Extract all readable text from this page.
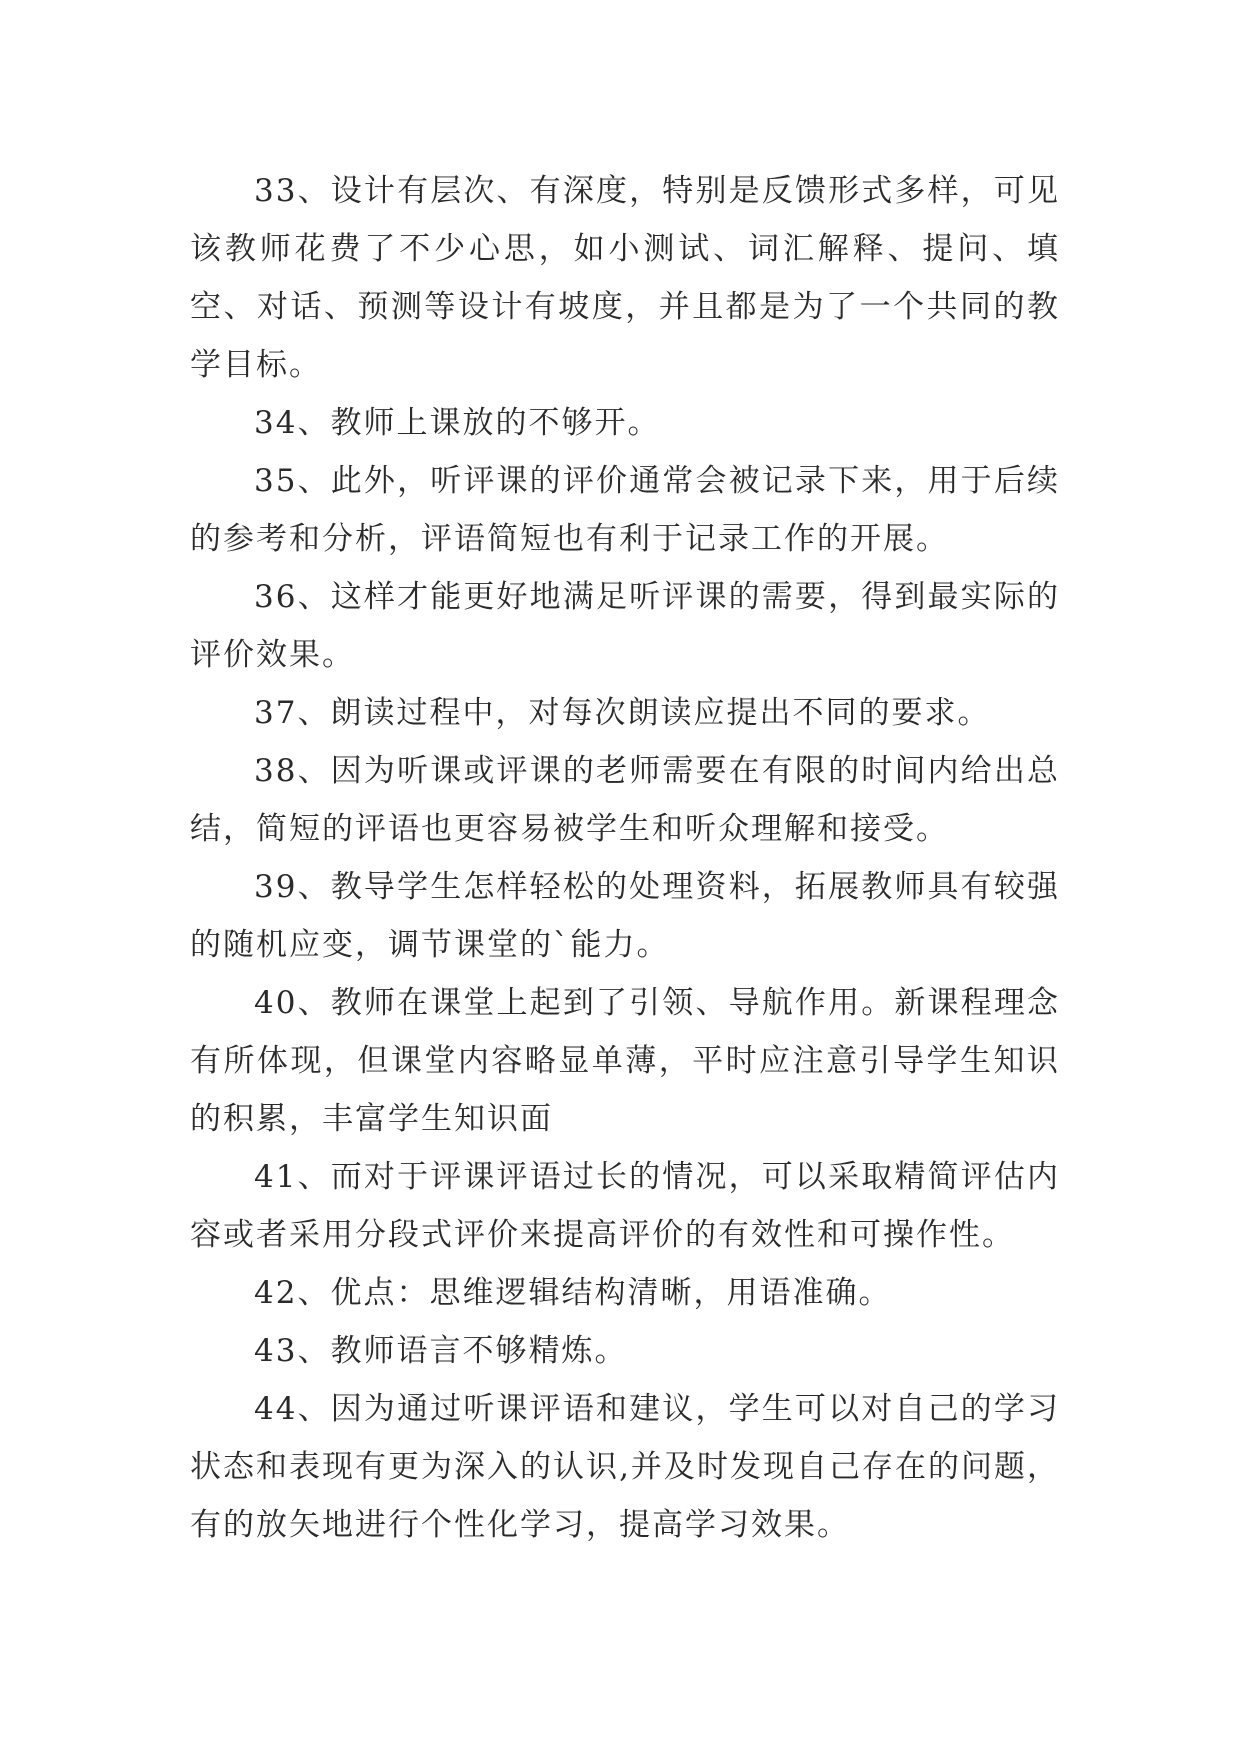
33、设计有层次、有深度，特别是反馈形式多样，可见该教师花费了不少心思，如小测试、词汇解释、提问、填空、对话、预测等设计有坡度，并且都是为了一个共同的教学目标。

34、教师上课放的不够开。

35、此外，听评课的评价通常会被记录下来，用于后续的参考和分析，评语简短也有利于记录工作的开展。

36、这样才能更好地满足听评课的需要，得到最实际的评价效果。

37、朗读过程中，对每次朗读应提出不同的要求。

38、因为听课或评课的老师需要在有限的时间内给出总结，简短的评语也更容易被学生和听众理解和接受。

39、教导学生怎样轻松的处理资料，拓展教师具有较强的随机应变，调节课堂的`能力。

40、教师在课堂上起到了引领、导航作用。新课程理念有所体现，但课堂内容略显单薄，平时应注意引导学生知识的积累，丰富学生知识面

41、而对于评课评语过长的情况，可以采取精简评估内容或者采用分段式评价来提高评价的有效性和可操作性。

42、优点：思维逻辑结构清晰，用语准确。

43、教师语言不够精炼。

44、因为通过听课评语和建议，学生可以对自己的学习状态和表现有更为深入的认识,并及时发现自己存在的问题，有的放矢地进行个性化学习，提高学习效果。
